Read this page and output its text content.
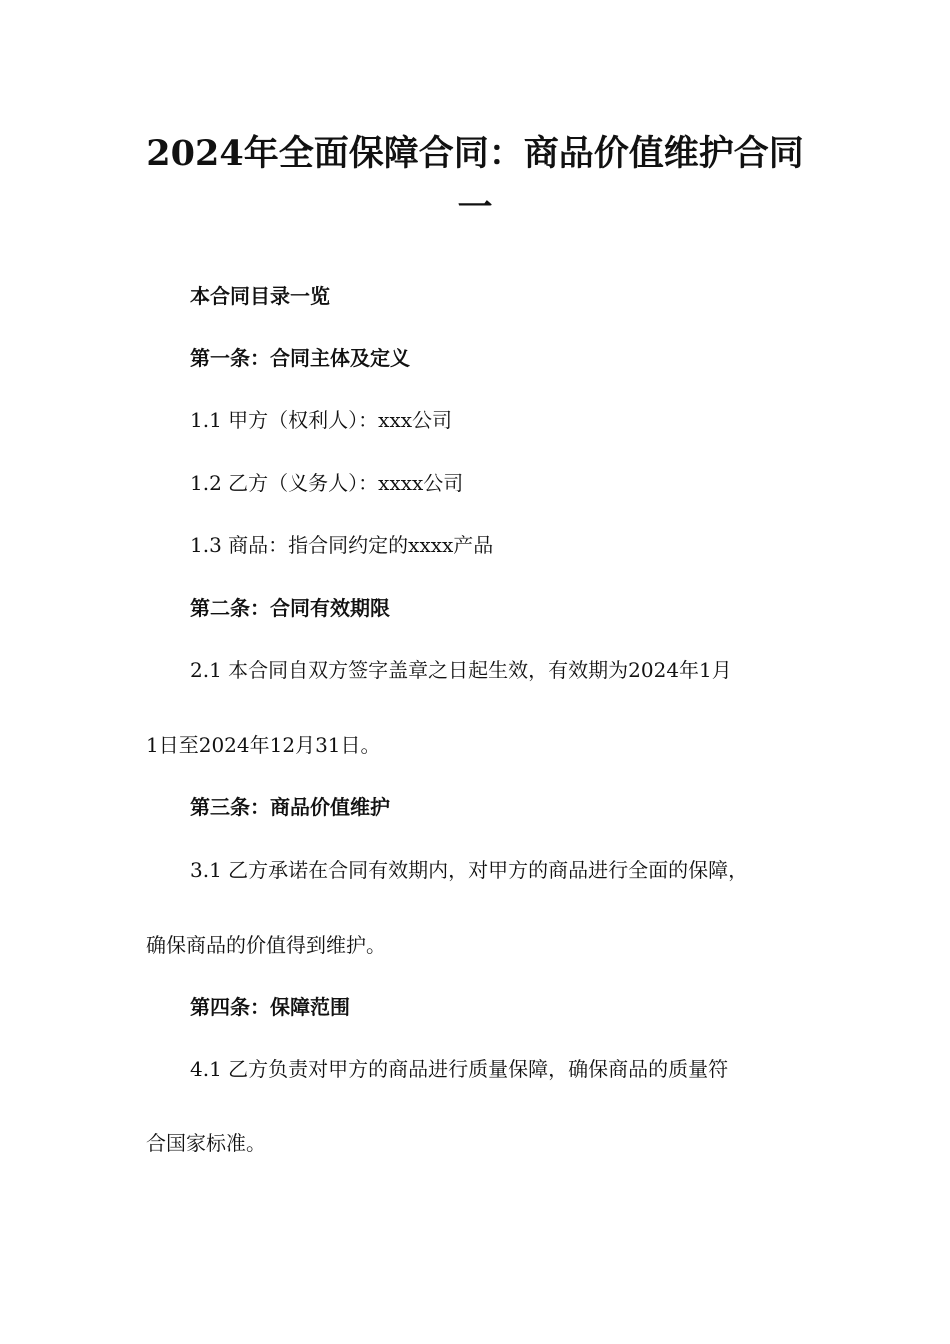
2024年全面保障合同：商品价值维护合同
一
本合同目录一览
第一条：合同主体及定义
1.1 甲方（权利人）：xxx公司
1.2 乙方（义务人）：xxxx公司
1.3 商品：指合同约定的xxxx产品
第二条：合同有效期限
2.1 本合同自双方签字盖章之日起生效，有效期为2024年1月
1日至2024年12月31日。
第三条：商品价值维护
3.1 乙方承诺在合同有效期内，对甲方的商品进行全面的保障，
确保商品的价值得到维护。
第四条：保障范围
4.1 乙方负责对甲方的商品进行质量保障，确保商品的质量符
合国家标准。
